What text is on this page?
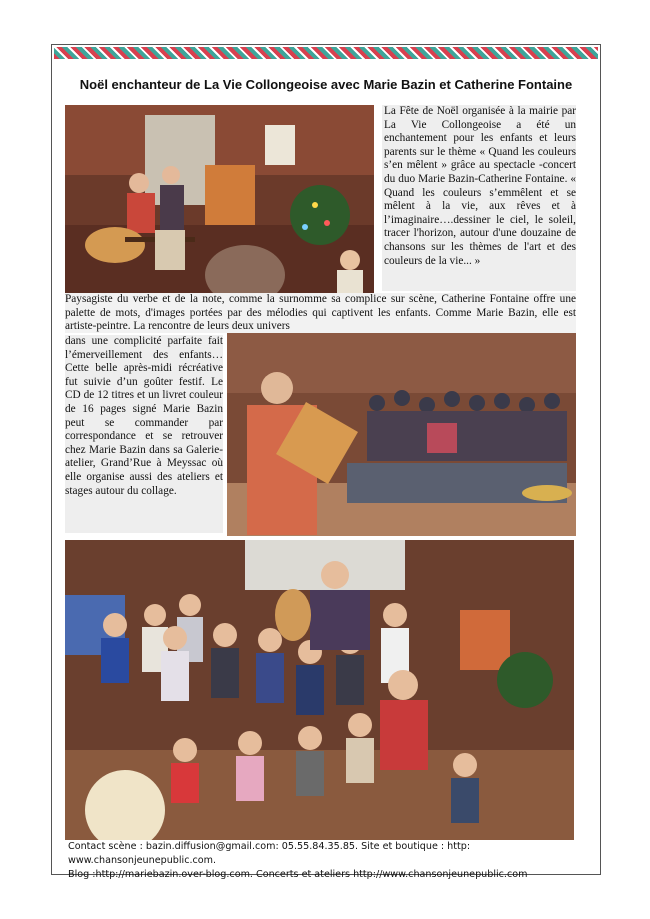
Noël enchanteur de La Vie Collongeoise avec Marie Bazin et Catherine Fontaine
La Fête de Noël organisée à la mairie par La Vie Collongeoise a été un enchantement pour les enfants et leurs parents sur le thème « Quand les couleurs s’en mêlent » grâce au spectacle -concert du duo Marie Bazin-Catherine Fontaine. « Quand les couleurs s’emmêlent et se mêlent à la vie, aux rêves et à l’imaginaire….dessiner le ciel, le soleil, tracer l'horizon, autour d'une douzaine de chansons sur les thèmes de l'art et des couleurs de la vie... »
Paysagiste du verbe et de la note, comme la surnomme sa complice sur scène, Catherine Fontaine offre une palette de mots, d'images portées par des mélodies qui captivent les enfants. Comme Marie Bazin, elle est artiste-peintre. La rencontre de leurs deux univers
dans une complicité parfaite fait l’émerveillement des enfants… Cette belle après-midi récréative fut suivie d’un goûter festif. Le CD de 12 titres et un livret couleur de 16 pages signé Marie Bazin peut se commander par correspondance et se retrouver chez Marie Bazin dans sa Galerie-atelier, Grand’Rue à Meyssac où elle organise aussi des ateliers et stages autour du collage.
Contact scène : bazin.diffusion@gmail.com: 05.55.84.35.85. Site et boutique : http: www.chansonjeunepublic.com.
Blog :http://mariebazin.over-blog.com. Concerts et ateliers http://www.chansonjeunepublic.com
